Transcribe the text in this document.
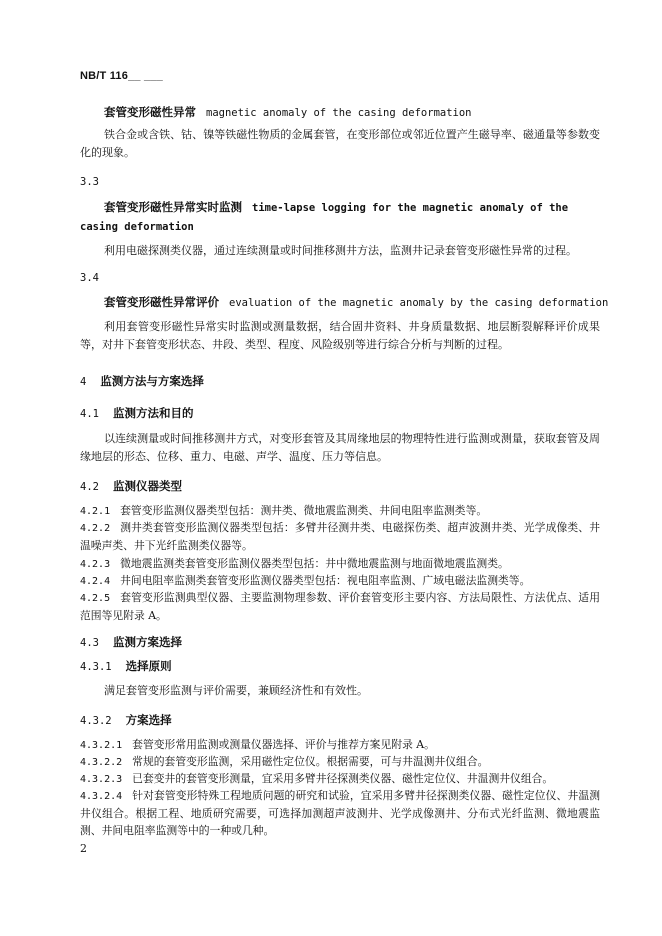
NB/T 116__ ___
套管变形磁性异常 magnetic anomaly of the casing deformation
铁合金或含铁、钴、镍等铁磁性物质的金属套管，在变形部位或邻近位置产生磁导率、磁通量等参数变化的现象。
3.3
套管变形磁性异常实时监测 time-lapse logging for the magnetic anomaly of the casing deformation
利用电磁探测类仪器，通过连续测量或时间推移测井方法，监测井记录套管变形磁性异常的过程。
3.4
套管变形磁性异常评价 evaluation of the magnetic anomaly by the casing deformation
利用套管变形磁性异常实时监测或测量数据，结合固井资料、井身质量数据、地层断裂解释评价成果等，对井下套管变形状态、井段、类型、程度、风险级别等进行综合分析与判断的过程。
4 监测方法与方案选择
4.1 监测方法和目的
以连续测量或时间推移测井方式，对变形套管及其周缘地层的物理特性进行监测或测量，获取套管及周缘地层的形态、位移、重力、电磁、声学、温度、压力等信息。
4.2 监测仪器类型
4.2.1 套管变形监测仪器类型包括：测井类、微地震监测类、井间电阻率监测类等。
4.2.2 测井类套管变形监测仪器类型包括：多臂井径测井类、电磁探伤类、超声波测井类、光学成像类、井温噪声类、井下光纤监测类仪器等。
4.2.3 微地震监测类套管变形监测仪器类型包括：井中微地震监测与地面微地震监测类。
4.2.4 井间电阻率监测类套管变形监测仪器类型包括：视电阻率监测、广域电磁法监测类等。
4.2.5 套管变形监测典型仪器、主要监测物理参数、评价套管变形主要内容、方法局限性、方法优点、适用范围等见附录 A。
4.3 监测方案选择
4.3.1 选择原则
满足套管变形监测与评价需要，兼顾经济性和有效性。
4.3.2 方案选择
4.3.2.1 套管变形常用监测或测量仪器选择、评价与推荐方案见附录 A。
4.3.2.2 常规的套管变形监测，采用磁性定位仪。根据需要，可与井温测井仪组合。
4.3.2.3 已套变井的套管变形测量，宜采用多臂井径探测类仪器、磁性定位仪、井温测井仪组合。
4.3.2.4 针对套管变形特殊工程地质问题的研究和试验，宜采用多臂井径探测类仪器、磁性定位仪、井温测井仪组合。根据工程、地质研究需要，可选择加测超声波测井、光学成像测井、分布式光纤监测、微地震监测、井间电阻率监测等中的一种或几种。
2
